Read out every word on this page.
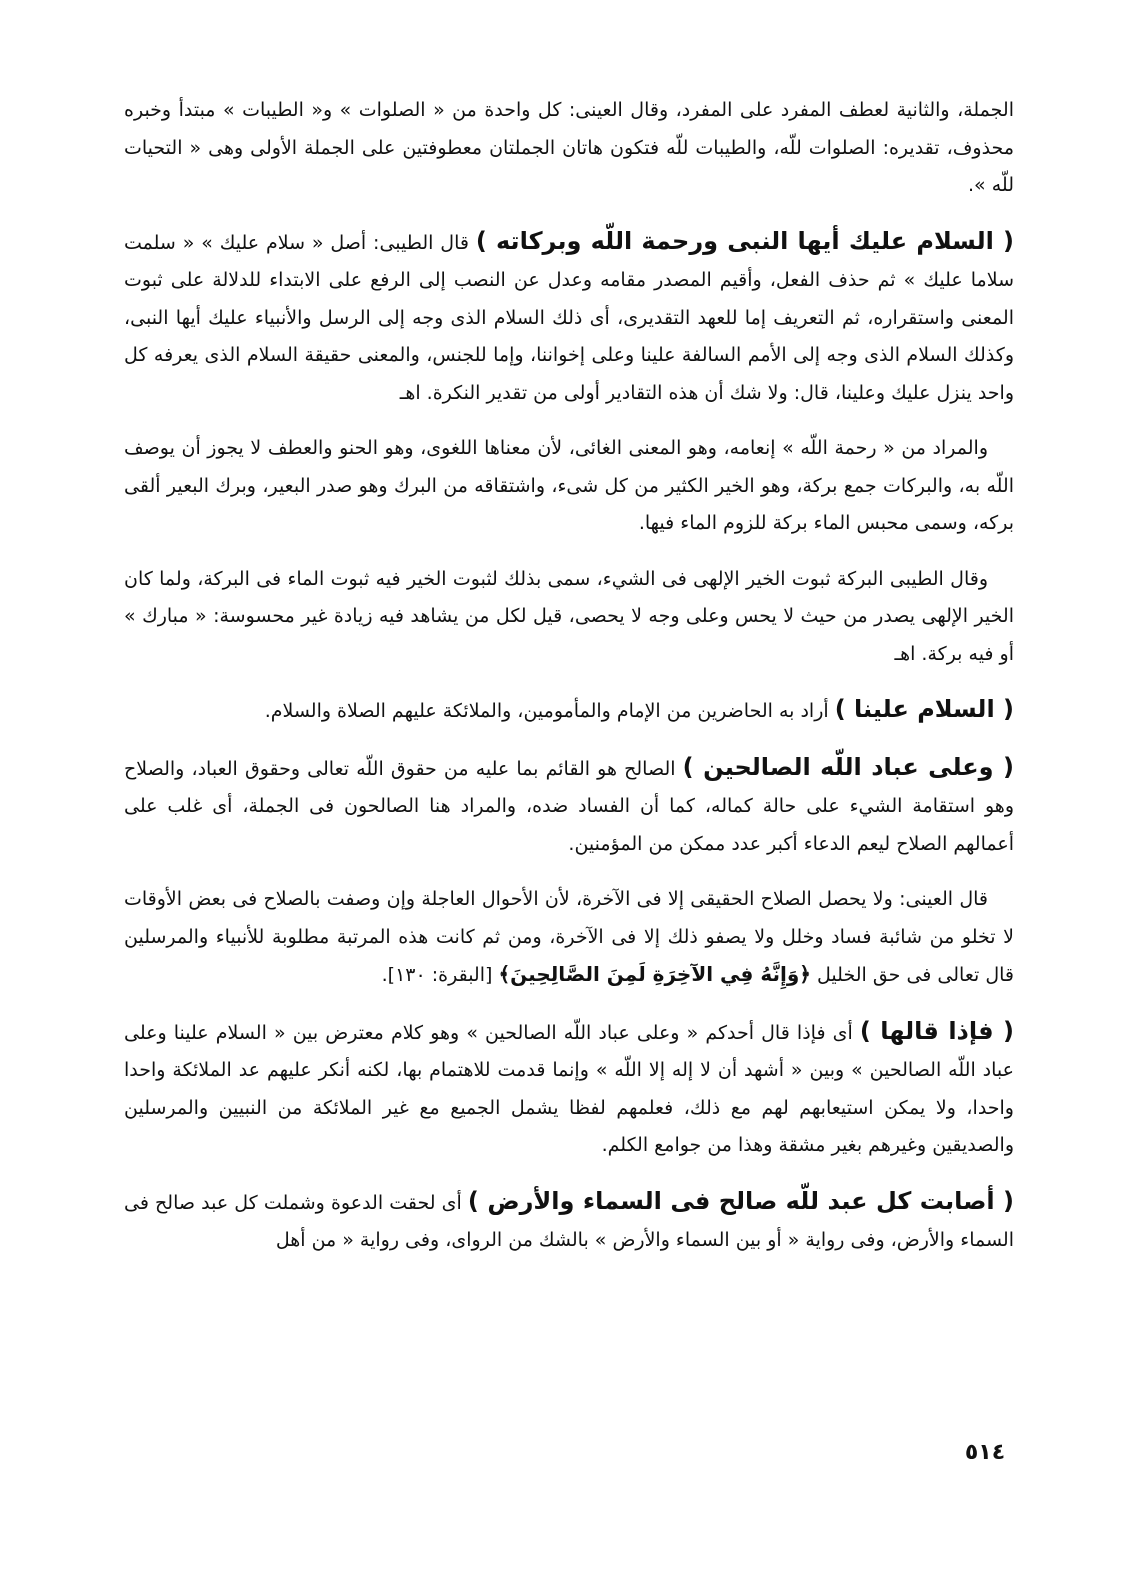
الجملة، والثانية لعطف المفرد على المفرد، وقال العينى: كل واحدة من « الصلوات » و« الطيبات » مبتدأ وخبره محذوف، تقديره: الصلوات للّه، والطيبات للّه فتكون هاتان الجملتان معطوفتين على الجملة الأولى وهى « التحيات للّه ».

( السلام عليك أيها النبى ورحمة اللّه وبركاته ) قال الطيبى: أصل « سلام عليك » « سلمت سلاما عليك » ثم حذف الفعل، وأقيم المصدر مقامه وعدل عن النصب إلى الرفع على الابتداء للدلالة على ثبوت المعنى واستقراره، ثم التعريف إما للعهد التقديرى، أى ذلك السلام الذى وجه إلى الرسل والأنبياء عليك أيها النبى، وكذلك السلام الذى وجه إلى الأمم السالفة علينا وعلى إخواننا، وإما للجنس، والمعنى حقيقة السلام الذى يعرفه كل واحد ينزل عليك وعلينا، قال: ولا شك أن هذه التقادير أولى من تقدير النكرة. اهـ

والمراد من « رحمة اللّه » إنعامه، وهو المعنى الغائى، لأن معناها اللغوى، وهو الحنو والعطف لا يجوز أن يوصف اللّه به، والبركات جمع بركة، وهو الخير الكثير من كل شىء، واشتقاقه من البرك وهو صدر البعير، وبرك البعير ألقى بركه، وسمى محبس الماء بركة للزوم الماء فيها.

وقال الطيبى البركة ثبوت الخير الإلهى فى الشيء، سمى بذلك لثبوت الخير فيه ثبوت الماء فى البركة، ولما كان الخير الإلهى يصدر من حيث لا يحس وعلى وجه لا يحصى، قيل لكل من يشاهد فيه زيادة غير محسوسة: « مبارك » أو فيه بركة. اهـ

( السلام علينا ) أراد به الحاضرين من الإمام والمأمومين، والملائكة عليهم الصلاة والسلام.

( وعلى عباد اللّه الصالحين ) الصالح هو القائم بما عليه من حقوق اللّه تعالى وحقوق العباد، والصلاح وهو استقامة الشيء على حالة كماله، كما أن الفساد ضده، والمراد هنا الصالحون فى الجملة، أى غلب على أعمالهم الصلاح ليعم الدعاء أكبر عدد ممكن من المؤمنين.

قال العينى: ولا يحصل الصلاح الحقيقى إلا فى الآخرة، لأن الأحوال العاجلة وإن وصفت بالصلاح فى بعض الأوقات لا تخلو من شائبة فساد وخلل ولا يصفو ذلك إلا فى الآخرة، ومن ثم كانت هذه المرتبة مطلوبة للأنبياء والمرسلين قال تعالى فى حق الخليل ﴿وَإِنَّهُ فِي الآخِرَةِ لَمِنَ الصَّالِحِينَ﴾ [البقرة: ١٣٠].

( فإذا قالها ) أى فإذا قال أحدكم « وعلى عباد اللّه الصالحين » وهو كلام معترض بين « السلام علينا وعلى عباد اللّه الصالحين » وبين « أشهد أن لا إله إلا اللّه » وإنما قدمت للاهتمام بها، لكنه أنكر عليهم عد الملائكة واحدا واحدا، ولا يمكن استيعابهم لهم مع ذلك، فعلمهم لفظا يشمل الجميع مع غير الملائكة من النبيين والمرسلين والصديقين وغيرهم بغير مشقة وهذا من جوامع الكلم.

( أصابت كل عبد للّه صالح فى السماء والأرض ) أى لحقت الدعوة وشملت كل عبد صالح فى السماء والأرض، وفى رواية « أو بين السماء والأرض » بالشك من الرواى، وفى رواية « من أهل

٥١٤
